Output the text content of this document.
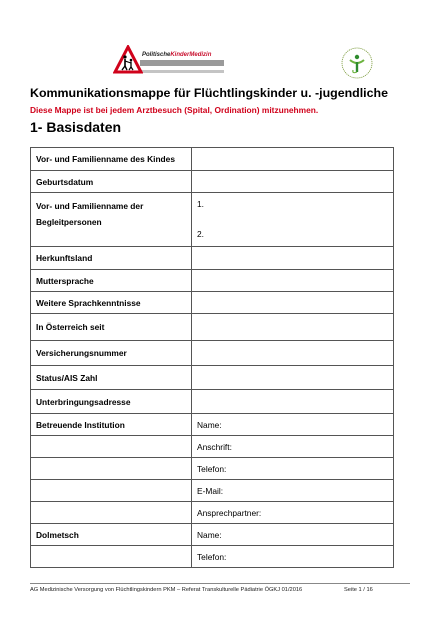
PolitischeKinderMedizin
Kommunikationsmappe für Flüchtlingskinder u. -jugendliche
Diese Mappe ist bei jedem Arztbesuch (Spital, Ordination) mitzunehmen.
1- Basisdaten
Vor- und Familienname des Kindes	
Geburtsdatum	

Vor- und Familienname der
Begleitpersonen	1.
2.

Herkunftsland	
Muttersprache	
Weitere Sprachkenntnisse	
In Österreich seit	
Versicherungsnummer	
Status/AIS Zahl	
Unterbringungsadresse	
Betreuende Institution	Name:
	Anschrift:
	Telefon:
	E-Mail:
	Ansprechpartner:
Dolmetsch	Name:
	Telefon:
AG Medizinische Versorgung von Flüchtlingskindern PKM – Referat Transkulturelle Pädiatrie ÖGKJ 01/2016	Seite 1 / 16
